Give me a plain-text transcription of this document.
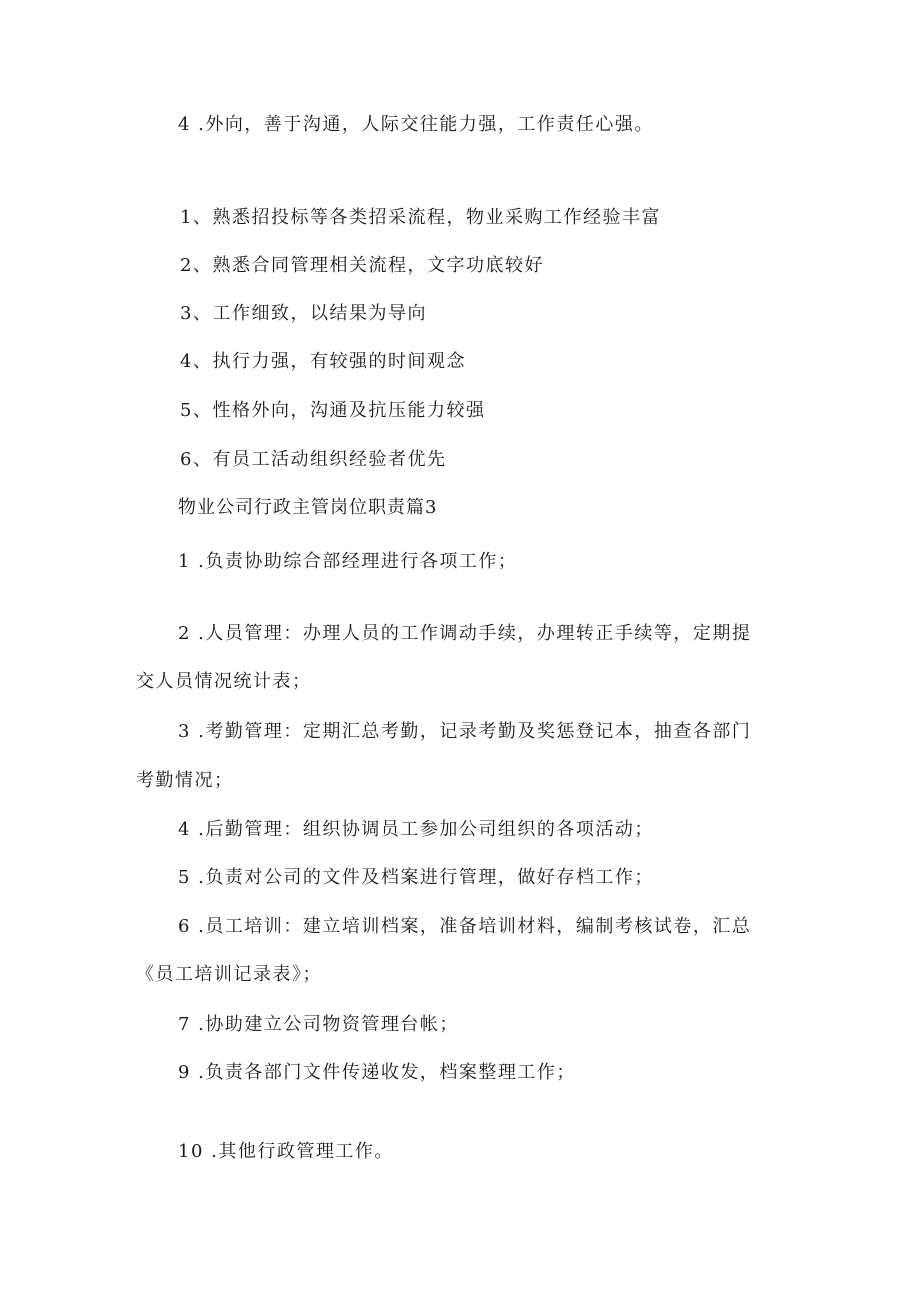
4 .外向，善于沟通，人际交往能力强，工作责任心强。
1、熟悉招投标等各类招采流程，物业采购工作经验丰富
2、熟悉合同管理相关流程，文字功底较好
3、工作细致，以结果为导向
4、执行力强，有较强的时间观念
5、性格外向，沟通及抗压能力较强
6、有员工活动组织经验者优先
物业公司行政主管岗位职责篇3
1 .负责协助综合部经理进行各项工作；
2 .人员管理：办理人员的工作调动手续，办理转正手续等，定期提
交人员情况统计表；
3 .考勤管理：定期汇总考勤，记录考勤及奖惩登记本，抽查各部门
考勤情况；
4 .后勤管理：组织协调员工参加公司组织的各项活动；
5 .负责对公司的文件及档案进行管理，做好存档工作；
6 .员工培训：建立培训档案，准备培训材料，编制考核试卷，汇总
《员工培训记录表》；
7 .协助建立公司物资管理台帐；
9 .负责各部门文件传递收发，档案整理工作；
10 .其他行政管理工作。
